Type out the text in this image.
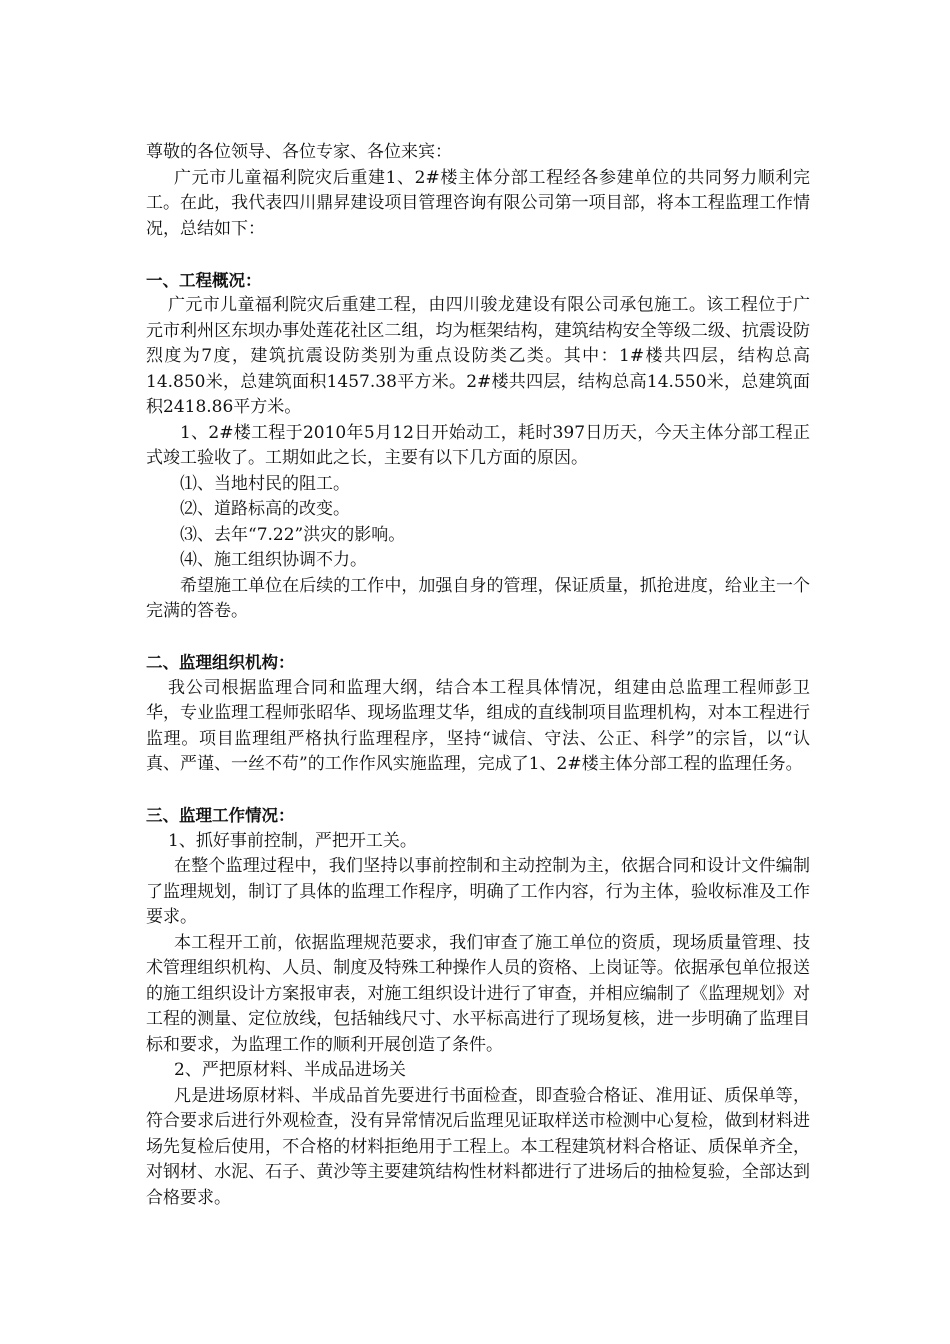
尊敬的各位领导、各位专家、各位来宾：

广元市儿童福利院灾后重建1、2#楼主体分部工程经各参建单位的共同努力顺利完工。在此，我代表四川鼎昇建设项目管理咨询有限公司第一项目部，将本工程监理工作情况，总结如下：

一、工程概况：

广元市儿童福利院灾后重建工程，由四川骏龙建设有限公司承包施工。该工程位于广元市利州区东坝办事处莲花社区二组，均为框架结构，建筑结构安全等级二级、抗震设防烈度为7度，建筑抗震设防类别为重点设防类乙类。其中：1#楼共四层，结构总高14.850米，总建筑面积1457.38平方米。2#楼共四层，结构总高14.550米，总建筑面积2418.86平方米。

1、2#楼工程于2010年5月12日开始动工，耗时397日历天，今天主体分部工程正式竣工验收了。工期如此之长，主要有以下几方面的原因。

⑴、当地村民的阻工。

⑵、道路标高的改变。

⑶、去年“7.22”洪灾的影响。

⑷、施工组织协调不力。

希望施工单位在后续的工作中，加强自身的管理，保证质量，抓抢进度，给业主一个完满的答卷。

二、监理组织机构：

我公司根据监理合同和监理大纲，结合本工程具体情况，组建由总监理工程师彭卫华，专业监理工程师张昭华、现场监理艾华，组成的直线制项目监理机构，对本工程进行监理。项目监理组严格执行监理程序，坚持“诚信、守法、公正、科学”的宗旨，以“认真、严谨、一丝不苟”的工作作风实施监理，完成了1、2#楼主体分部工程的监理任务。

三、监理工作情况：

1、抓好事前控制，严把开工关。

在整个监理过程中，我们坚持以事前控制和主动控制为主，依据合同和设计文件编制了监理规划，制订了具体的监理工作程序，明确了工作内容，行为主体，验收标准及工作要求。

本工程开工前，依据监理规范要求，我们审查了施工单位的资质，现场质量管理、技术管理组织机构、人员、制度及特殊工种操作人员的资格、上岗证等。依据承包单位报送的施工组织设计方案报审表，对施工组织设计进行了审查，并相应编制了《监理规划》对工程的测量、定位放线，包括轴线尺寸、水平标高进行了现场复核，进一步明确了监理目标和要求，为监理工作的顺利开展创造了条件。

2、严把原材料、半成品进场关

凡是进场原材料、半成品首先要进行书面检查，即查验合格证、准用证、质保单等，符合要求后进行外观检查，没有异常情况后监理见证取样送市检测中心复检，做到材料进场先复检后使用，不合格的材料拒绝用于工程上。本工程建筑材料合格证、质保单齐全，对钢材、水泥、石子、黄沙等主要建筑结构性材料都进行了进场后的抽检复验，全部达到合格要求。
